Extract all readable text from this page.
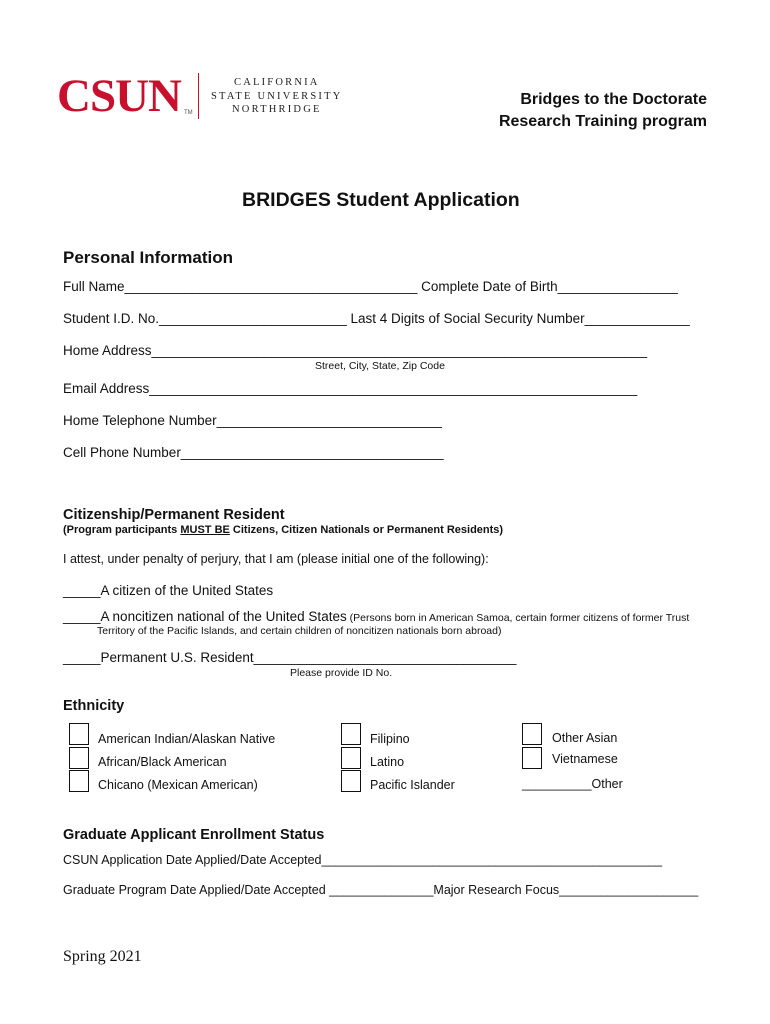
CSUN TM
CALIFORNIA
STATE UNIVERSITY
NORTHRIDGE
Bridges to the Doctorate
Research Training program
BRIDGES Student Application
Personal Information
Full Name_______________________________________ Complete Date of Birth________________
Student I.D. No._________________________ Last 4 Digits of Social Security Number______________
Home Address__________________________________________________________________
Street, City, State, Zip Code
Email Address_________________________________________________________________
Home Telephone Number______________________________
Cell Phone Number___________________________________
Citizenship/Permanent Resident
(Program participants MUST BE Citizens, Citizen Nationals or Permanent Residents)
I attest, under penalty of perjury, that I am (please initial one of the following):
_____A citizen of the United States
_____A noncitizen national of the United States (Persons born in American Samoa, certain former citizens of former Trust
Territory of the Pacific Islands, and certain children of noncitizen nationals born abroad)
_____Permanent U.S. Resident___________________________________
Please provide ID No.
Ethnicity
American Indian/Alaskan Native
African/Black American
Chicano (Mexican American)
Filipino
Latino
Pacific Islander
Other Asian
Vietnamese
__________Other
Graduate Applicant Enrollment Status
CSUN Application Date Applied/Date Accepted_________________________________________________
Graduate Program Date Applied/Date Accepted _______________Major Research Focus____________________
Spring 2021
